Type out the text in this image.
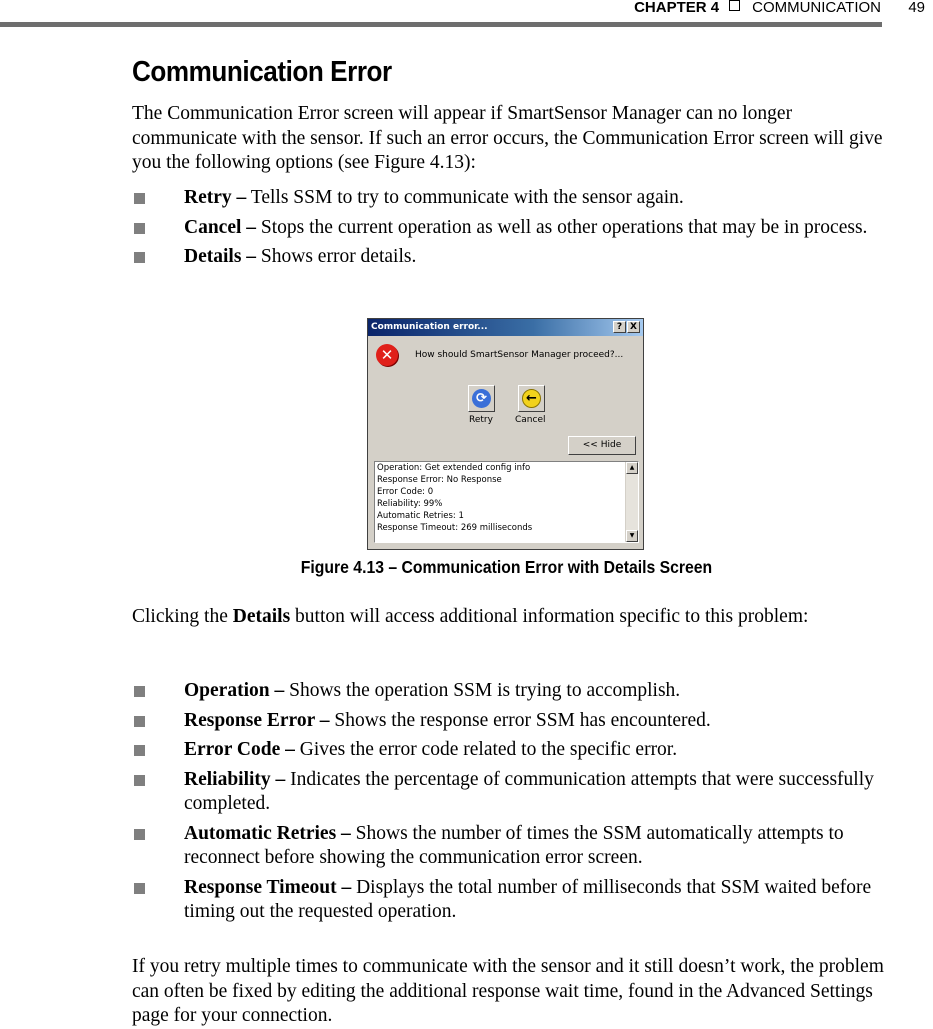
CHAPTER 4 COMMUNICATION 49
Communication Error
The Communication Error screen will appear if SmartSensor Manager can no longer communicate with the sensor. If such an error occurs, the Communication Error screen will give you the following options (see Figure 4.13):
Retry – Tells SSM to try to communicate with the sensor again.
Cancel – Stops the current operation as well as other operations that may be in process.
Details – Shows error details.
Communication error...	? X
✕	How should SmartSensor Manager proceed?...
⟳
Retry
←
Cancel
<< Hide
Operation: Get extended config info
Response Error: No Response
Error Code: 0
Reliability: 99%
Automatic Retries: 1
Response Timeout: 269 milliseconds
▲
▼
Figure 4.13 – Communication Error with Details Screen
Clicking the Details button will access additional information specific to this problem:
Operation – Shows the operation SSM is trying to accomplish.
Response Error – Shows the response error SSM has encountered.
Error Code – Gives the error code related to the specific error.
Reliability – Indicates the percentage of communication attempts that were successfully completed.
Automatic Retries – Shows the number of times the SSM automatically attempts to reconnect before showing the communication error screen.
Response Timeout – Displays the total number of milliseconds that SSM waited before timing out the requested operation.
If you retry multiple times to communicate with the sensor and it still doesn’t work, the problem can often be fixed by editing the additional response wait time, found in the Advanced Settings page for your connection.
